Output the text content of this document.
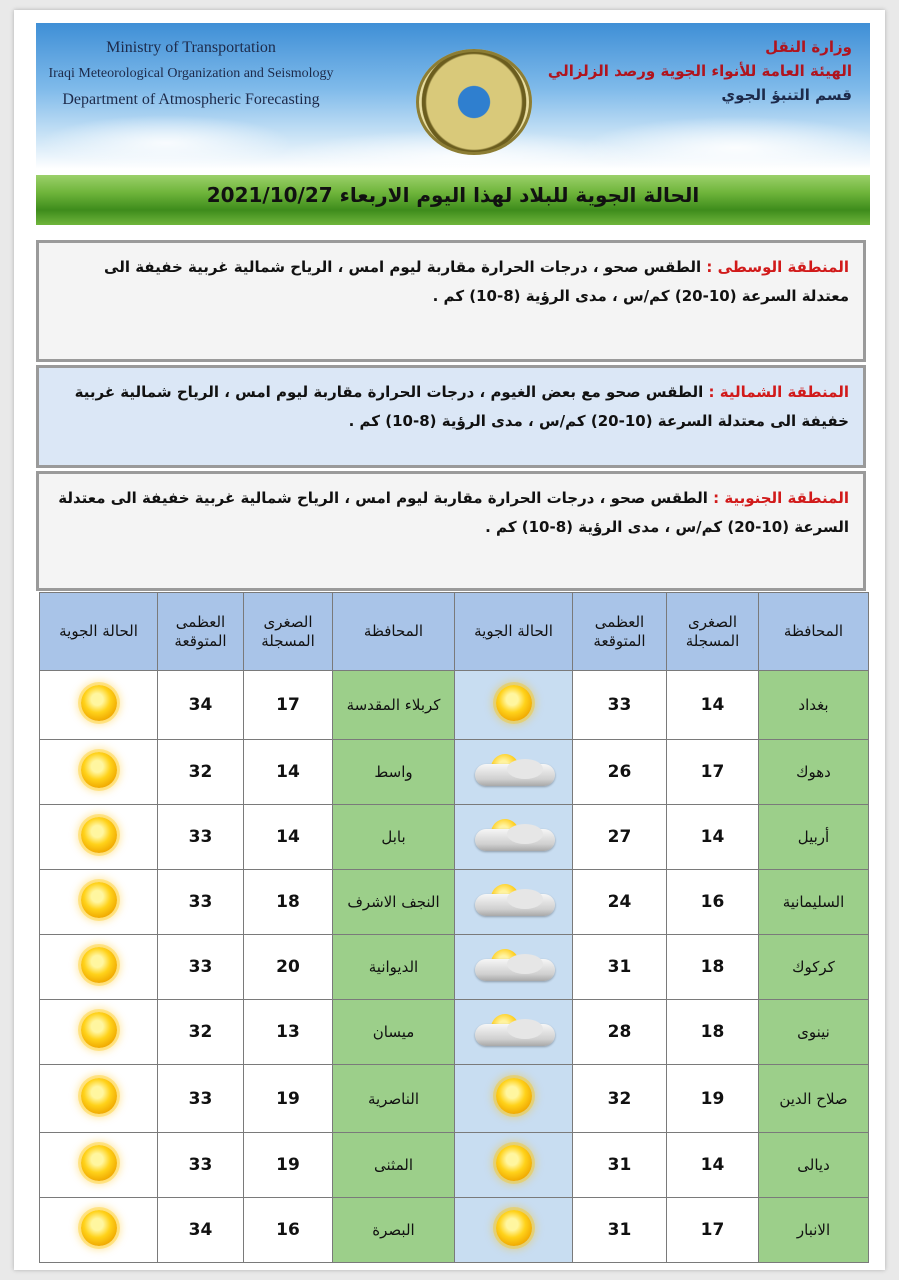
Ministry of Transportation
Iraqi Meteorological Organization and Seismology
Department of Atmospheric Forecasting
وزارة النقل
الهيئة العامة للأنواء الجوية ورصد الزلزالي
قسم التنبؤ الجوي
الحالة الجوية للبلاد لهذا اليوم الاربعاء 2021/10/27
المنطقة الوسطى : الطقس صحو ، درجات الحرارة مقاربة ليوم امس ، الرياح شمالية غربية خفيفة الى معتدلة السرعة (10-20) كم/س ، مدى الرؤية (8-10) كم .
المنطقة الشمالية : الطقس صحو مع بعض الغيوم ، درجات الحرارة مقاربة ليوم امس ، الرياح شمالية غربية خفيفة الى معتدلة السرعة (10-20) كم/س ، مدى الرؤية (8-10) كم .
المنطقة الجنوبية : الطقس صحو ، درجات الحرارة مقاربة ليوم امس ، الرياح شمالية غربية خفيفة الى معتدلة السرعة (10-20) كم/س ، مدى الرؤية (8-10) كم .
المحافظة	الصغرى المسجلة	العظمى المتوقعة	الحالة الجوية	المحافظة	الصغرى المسجلة	العظمى المتوقعة	الحالة الجوية
بغداد	14	33		كربلاء المقدسة	17	34	
دهوك	17	26		واسط	14	32	
أربيل	14	27		بابل	14	33	
السليمانية	16	24		النجف الاشرف	18	33	
كركوك	18	31		الديوانية	20	33	
نينوى	18	28		ميسان	13	32	
صلاح الدين	19	32		الناصرية	19	33	
ديالى	14	31		المثنى	19	33	
الانبار	17	31		البصرة	16	34	
